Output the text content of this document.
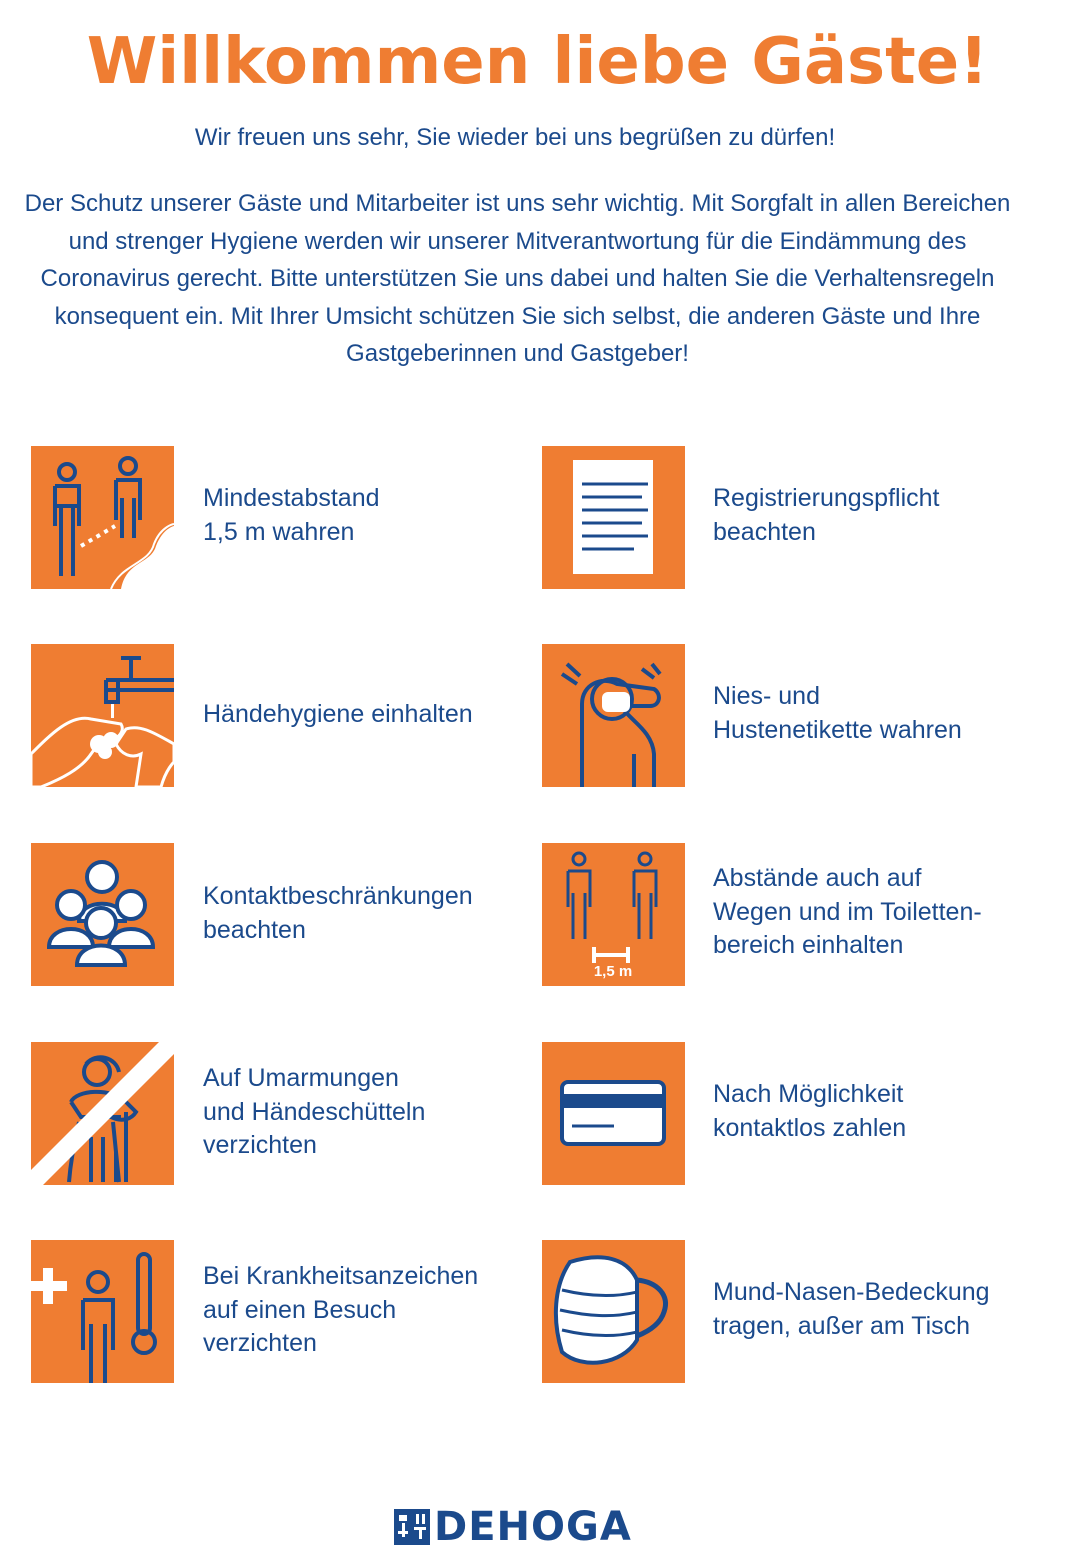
Willkommen liebe Gäste!
Wir freuen uns sehr, Sie wieder bei uns begrüßen zu dürfen!
Der Schutz unserer Gäste und Mitarbeiter ist uns sehr wichtig. Mit Sorgfalt in allen Bereichen und strenger Hygiene werden wir unserer Mitverantwortung für die Eindämmung des Coronavirus gerecht. Bitte unterstützen Sie uns dabei und halten Sie die Verhaltensregeln konsequent ein. Mit Ihrer Umsicht schützen Sie sich selbst, die anderen Gäste und Ihre Gastgeberinnen und Gastgeber!
Mindestabstand
1,5 m wahren
Registrierungspflicht
beachten
Händehygiene einhalten
Nies- und
Hustenetikette wahren
Kontaktbeschränkungen
beachten
1,5 m
Abstände auch auf
Wegen und im Toiletten-
bereich einhalten
Auf Umarmungen
und Händeschütteln
verzichten
Nach Möglichkeit
kontaktlos zahlen
Bei Krankheitsanzeichen
auf einen Besuch
verzichten
Mund-Nasen-Bedeckung
tragen, außer am Tisch
DEHOGA
